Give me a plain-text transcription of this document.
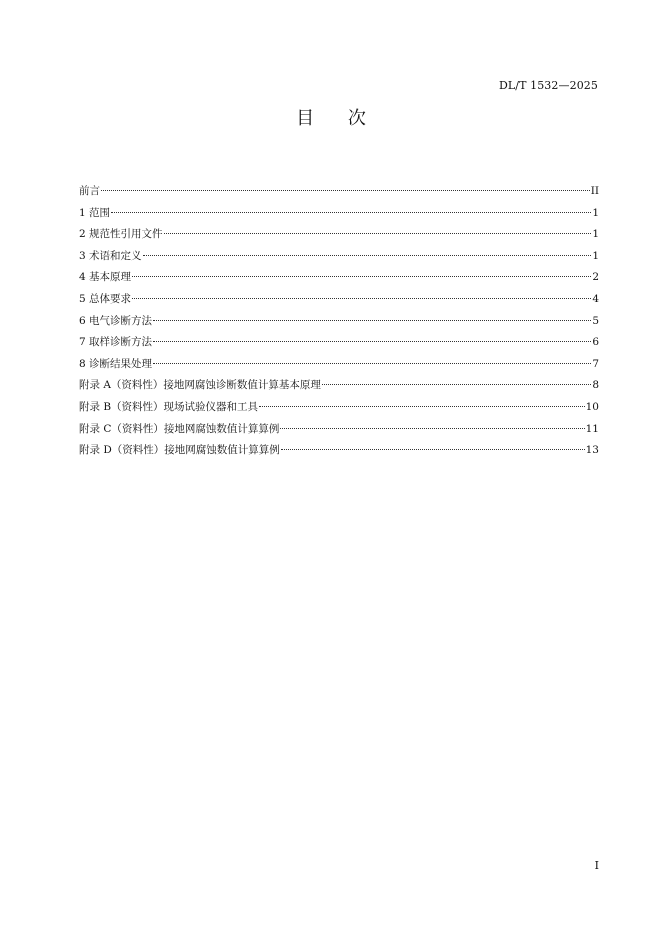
DL/T 1532—2025
目 次
前言	II
1 范围	1
2 规范性引用文件	1
3 术语和定义	1
4 基本原理	2
5 总体要求	4
6 电气诊断方法	5
7 取样诊断方法	6
8 诊断结果处理	7
附录 A（资料性）接地网腐蚀诊断数值计算基本原理	8
附录 B（资料性）现场试验仪器和工具	10
附录 C（资料性）接地网腐蚀数值计算算例	11
附录 D（资料性）接地网腐蚀数值计算算例	13
I
